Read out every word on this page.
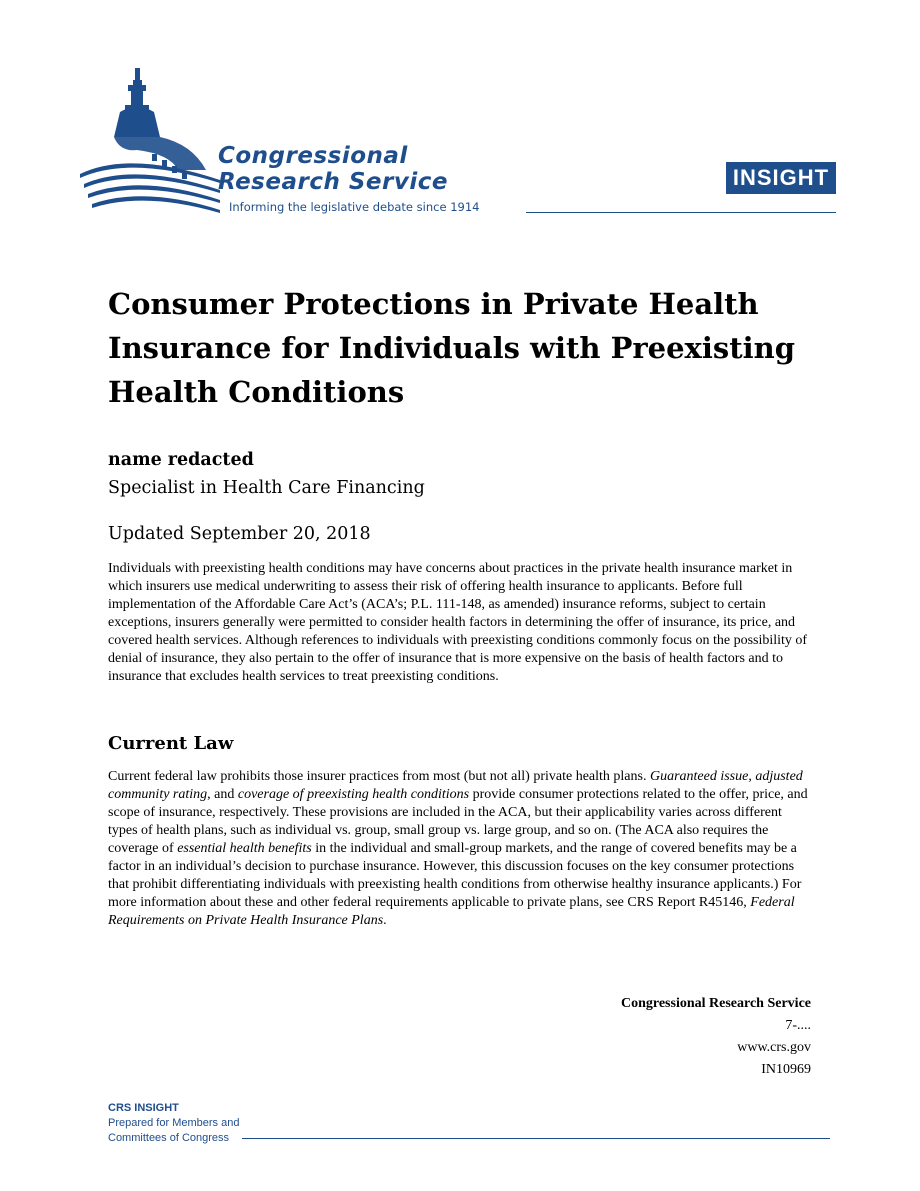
Congressional
Research Service

Informing the legislative debate since 1914
INSIGHT
Consumer Protections in Private Health Insurance for Individuals with Preexisting Health Conditions

name redacted

Specialist in Health Care Financing

Updated September 20, 2018

Individuals with preexisting health conditions may have concerns about practices in the private health insurance market in which insurers use medical underwriting to assess their risk of offering health insurance to applicants. Before full implementation of the Affordable Care Act’s (ACA’s; P.L. 111-148, as amended) insurance reforms, subject to certain exceptions, insurers generally were permitted to consider health factors in determining the offer of insurance, its price, and covered health services. Although references to individuals with preexisting conditions commonly focus on the possibility of denial of insurance, they also pertain to the offer of insurance that is more expensive on the basis of health factors and to insurance that excludes health services to treat preexisting conditions.

Current Law

Current federal law prohibits those insurer practices from most (but not all) private health plans. Guaranteed issue, adjusted community rating, and coverage of preexisting health conditions provide consumer protections related to the offer, price, and scope of insurance, respectively. These provisions are included in the ACA, but their applicability varies across different types of health plans, such as individual vs. group, small group vs. large group, and so on. (The ACA also requires the coverage of essential health benefits in the individual and small-group markets, and the range of covered benefits may be a factor in an individual’s decision to purchase insurance. However, this discussion focuses on the key consumer protections that prohibit differentiating individuals with preexisting health conditions from otherwise healthy insurance applicants.) For more information about these and other federal requirements applicable to private plans, see CRS Report R45146, Federal Requirements on Private Health Insurance Plans.

Congressional Research Service
7-....
www.crs.gov
IN10969
CRS INSIGHT
Prepared for Members and
Committees of Congress
